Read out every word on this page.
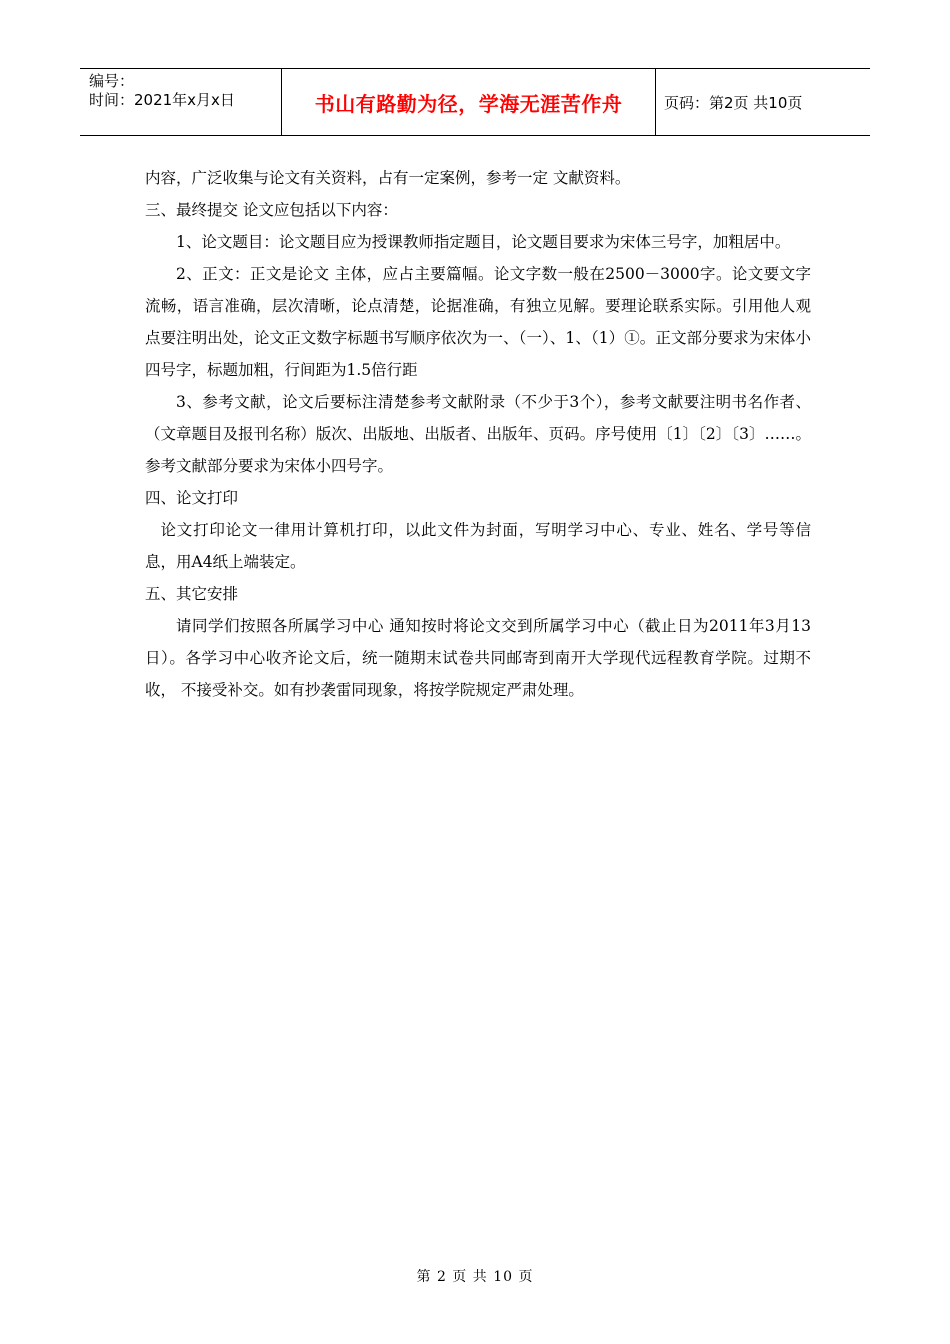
编号：
时间：2021年x月x日	书山有路勤为径，学海无涯苦作舟	页码：第2页 共10页

内容，广泛收集与论文有关资料，占有一定案例，参考一定 文献资料。

三、最终提交 论文应包括以下内容：

1、论文题目：论文题目应为授课教师指定题目，论文题目要求为宋体三号字，加粗居中。

2、正文：正文是论文 主体，应占主要篇幅。论文字数一般在2500－3000字。论文要文字流畅，语言准确，层次清晰，论点清楚，论据准确，有独立见解。要理论联系实际。引用他人观点要注明出处，论文正文数字标题书写顺序依次为一、（一）、1、（1）①。正文部分要求为宋体小四号字，标题加粗，行间距为1.5倍行距

3、参考文献，论文后要标注清楚参考文献附录（不少于3个），参考文献要注明书名作者、（文章题目及报刊名称）版次、出版地、出版者、出版年、页码。序号使用〔1〕〔2〕〔3〕……。 参考文献部分要求为宋体小四号字。

四、论文打印

论文打印论文一律用计算机打印，以此文件为封面，写明学习中心、专业、姓名、学号等信息，用A4纸上端装定。

五、其它安排

请同学们按照各所属学习中心 通知按时将论文交到所属学习中心（截止日为2011年3月13日）。各学习中心收齐论文后，统一随期末试卷共同邮寄到南开大学现代远程教育学院。过期不收， 不接受补交。如有抄袭雷同现象，将按学院规定严肃处理。

第 2 页 共 10 页
